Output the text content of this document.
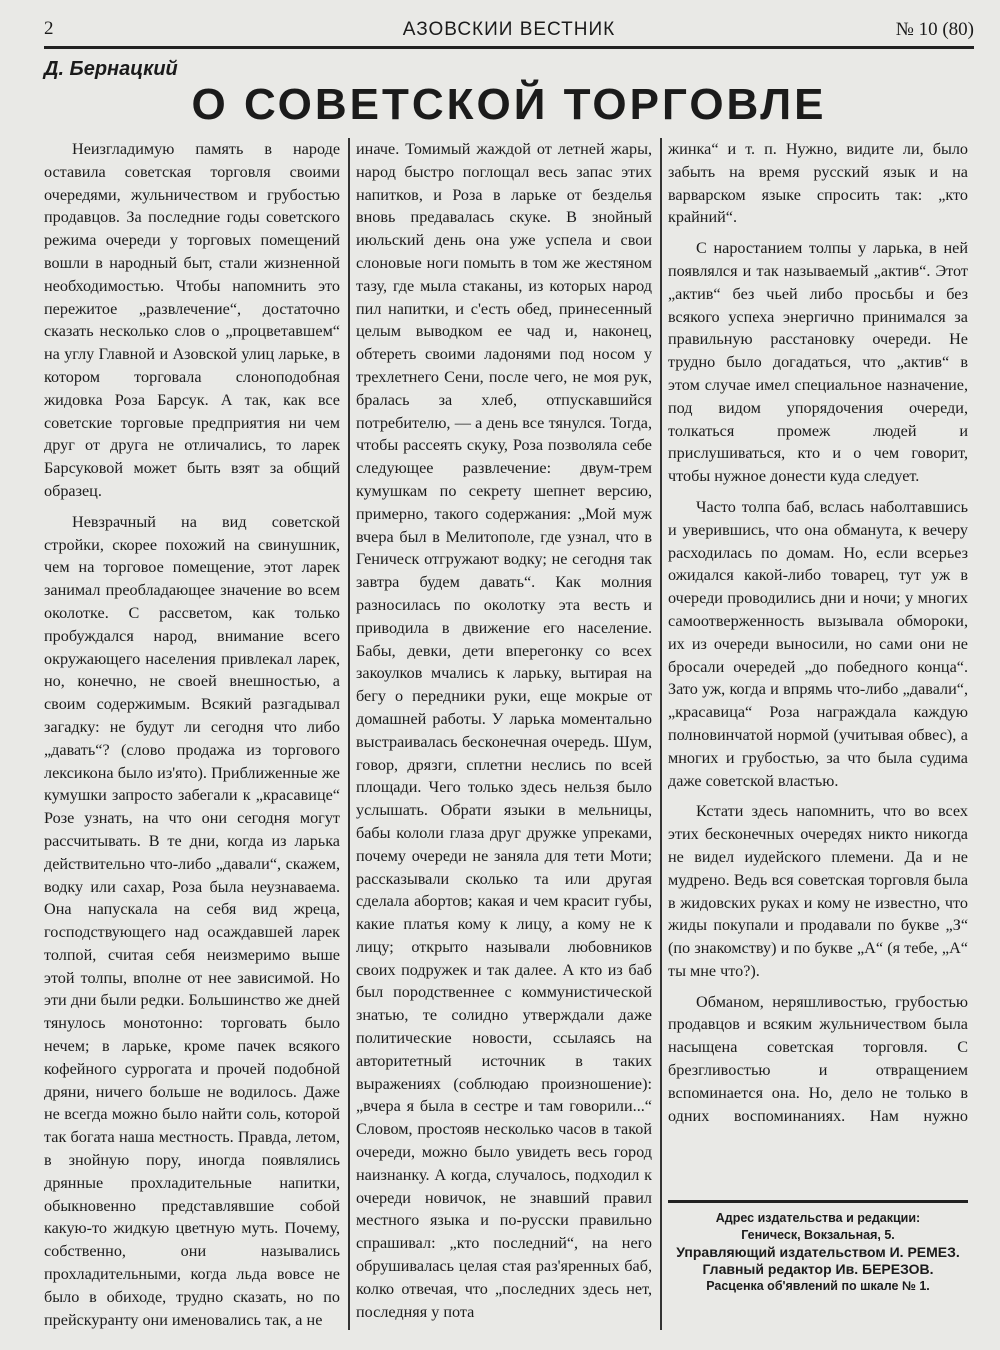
2	АЗОВСКИИ ВЕСТНИК	№ 10 (80)
Д. Бернацкий
О СОВЕТСКОЙ ТОРГОВЛЕ

Неизгладимую память в народе оставила советская торговля своими очередями, жульничеством и грубостью продавцов. За последние годы советского режима очереди у торговых помещений вошли в народный быт, стали жизненной необходимостью. Чтобы напомнить это пережитое „развлечение“, достаточно сказать несколько слов о „процветавшем“ на углу Главной и Азовской улиц ларьке, в котором торговала слоноподобная жидовка Роза Барсук. А так, как все советские торговые предприятия ни чем друг от друга не отличались, то ларек Барсуковой может быть взят за общий образец.

Невзрачный на вид советской стройки, скорее похожий на свинушник, чем на торговое помещение, этот ларек занимал преобладающее значение во всем околотке. С рассветом, как только пробуждался народ, внимание всего окружающего населения привлекал ларек, но, конечно, не своей внешностью, а своим содержимым. Всякий разгадывал загадку: не будут ли сегодня что либо „давать“? (слово продажа из торгового лексикона было из'ято). Приближенные же кумушки запросто забегали к „красавице“ Розе узнать, на что они сегодня могут рассчитывать. В те дни, когда из ларька действительно что-либо „давали“, скажем, водку или сахар, Роза была неузнаваема. Она напускала на себя вид жреца, господствующего над осаждавшей ларек толпой, считая себя неизмеримо выше этой толпы, вполне от нее зависимой. Но эти дни были редки. Большинство же дней тянулось монотонно: торговать было нечем; в ларьке, кроме пачек всякого кофейного суррогата и прочей подобной дряни, ничего больше не водилось. Даже не всегда можно было найти соль, которой так богата наша местность. Правда, летом, в знойную пору, иногда появлялись дрянные прохладительные напитки, обыкновенно представлявшие собой какую-то жидкую цветную муть. Почему, собственно, они назывались прохладительными, когда льда вовсе не было в обиходе, трудно сказать, но по прейскуранту они именовались так, а не

иначе. Томимый жаждой от летней жары, народ быстро поглощал весь запас этих напитков, и Роза в ларьке от безделья вновь предавалась скуке. В знойный июльский день она уже успела и свои слоновые ноги помыть в том же жестяном тазу, где мыла стаканы, из которых народ пил напитки, и с'есть обед, принесенный целым выводком ее чад и, наконец, обтереть своими ладонями под носом у трехлетнего Сени, после чего, не моя рук, бралась за хлеб, отпускавшийся потребителю, — а день все тянулся. Тогда, чтобы рассеять скуку, Роза позволяла себе следующее развлечение: двум-трем кумушкам по секрету шепнет версию, примерно, такого содержания: „Мой муж вчера был в Мелитополе, где узнал, что в Геническ отгружают водку; не сегодня так завтра будем давать“. Как молния разносилась по околотку эта весть и приводила в движение его население. Бабы, девки, дети вперегонку со всех закоулков мчались к ларьку, вытирая на бегу о передники руки, еще мокрые от домашней работы. У ларька моментально выстраивалась бесконечная очередь. Шум, говор, дрязги, сплетни неслись по всей площади. Чего только здесь нельзя было услышать. Обрати языки в мельницы, бабы кололи глаза друг дружке упреками, почему очереди не заняла для тети Моти; рассказывали сколько та или другая сделала абортов; какая и чем красит губы, какие платья кому к лицу, а кому не к лицу; открыто называли любовников своих подружек и так далее. А кто из баб был породственнее с коммунистической знатью, те солидно утверждали даже политические новости, ссылаясь на авторитетный источник в таких выражениях (соблюдаю произношение): „вчера я была в сестре и там говорили...“ Словом, простояв несколько часов в такой очереди, можно было увидеть весь город наизнанку. А когда, случалось, подходил к очереди новичок, не знавший правил местного языка и по-русски правильно спрашивал: „кто последний“, на него обрушивалась целая стая раз'яренных баб, колко отвечая, что „последних здесь нет, последняя у пота

жинка“ и т. п. Нужно, видите ли, было забыть на время русский язык и на варварском языке спросить так: „кто крайний“.

С наростанием толпы у ларька, в ней появлялся и так называемый „актив“. Этот „актив“ без чьей либо просьбы и без всякого успеха энергично принимался за правильную расстановку очереди. Не трудно было догадаться, что „актив“ в этом случае имел специальное назначение, под видом упорядочения очереди, толкаться промеж людей и прислушиваться, кто и о чем говорит, чтобы нужное донести куда следует.

Часто толпа баб, вслась наболтавшись и уверившись, что она обманута, к вечеру расходилась по домам. Но, если всерьез ожидался какой-либо товарец, тут уж в очереди проводились дни и ночи; у многих самоотверженность вызывала обмороки, их из очереди выносили, но сами они не бросали очередей „до победного конца“. Зато уж, когда и впрямь что-либо „давали“, „красавица“ Роза награждала каждую полновинчатой нормой (учитывая обвес), а многих и грубостью, за что была судима даже советской властью.

Кстати здесь напомнить, что во всех этих бесконечных очередях никто никогда не видел иудейского племени. Да и не мудрено. Ведь вся советская торговля была в жидовских руках и кому не известно, что жиды покупали и продавали по букве „З“ (по знакомству) и по букве „А“ (я тебе, „А“ ты мне что?).

Обманом, неряшливостью, грубостью продавцов и всяким жульничеством была насыщена советская торговля. С брезгливостью и отвращением вспоминается она. Но, дело не только в одних воспоминаниях. Нам нужно

Адрес издательства и редакции:
Геническ, Вокзальная, 5.
Управляющий издательством И. РЕМЕЗ.
Главный редактор Ив. БЕРЕЗОВ.
Расценка об'явлений по шкале № 1.
